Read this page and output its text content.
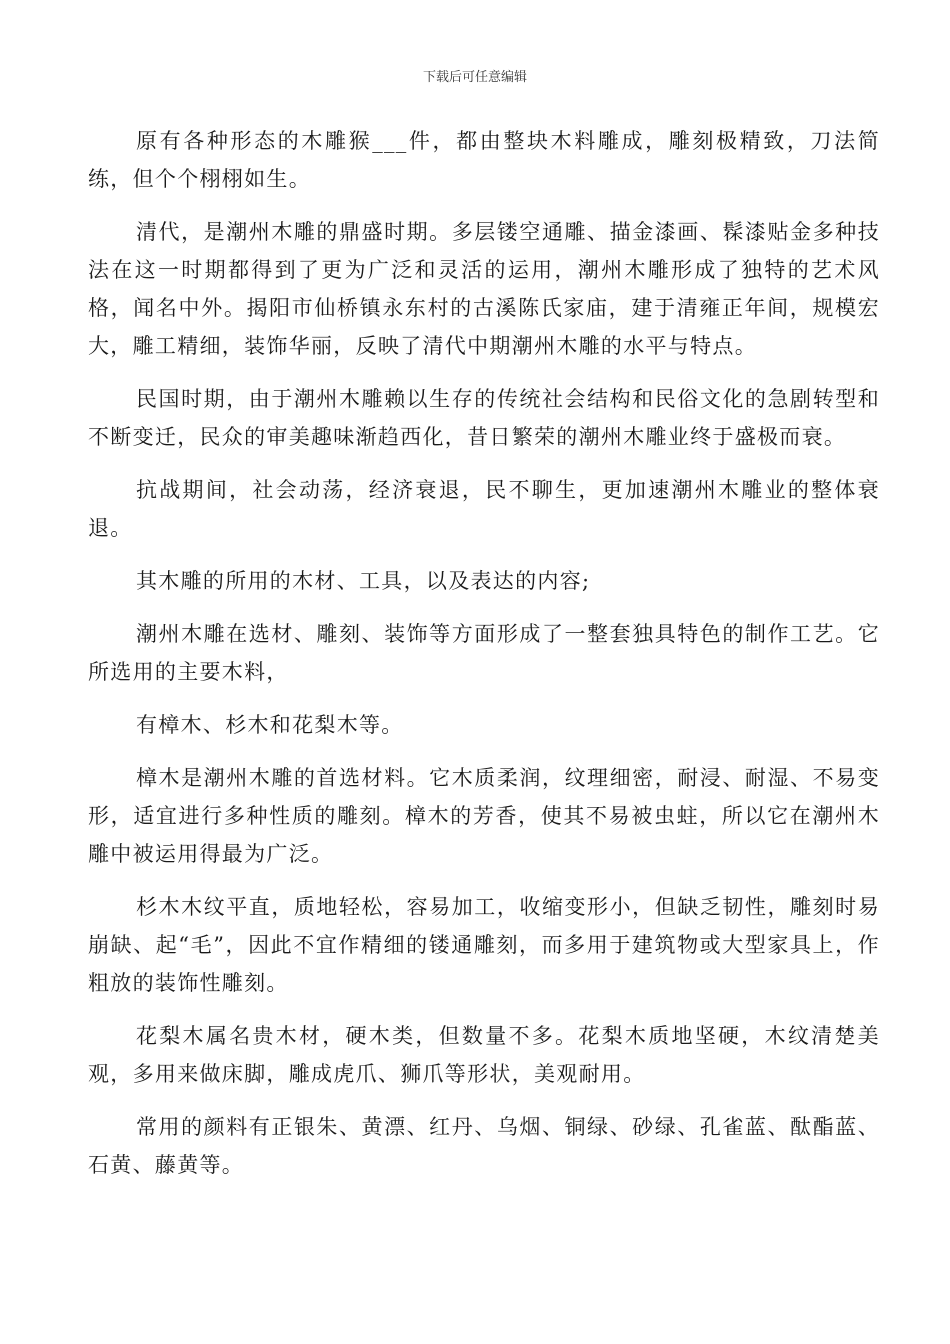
下载后可任意编辑

原有各种形态的木雕猴___件，都由整块木料雕成，雕刻极精致，刀法简练，但个个栩栩如生。

清代，是潮州木雕的鼎盛时期。多层镂空通雕、描金漆画、髹漆贴金多种技法在这一时期都得到了更为广泛和灵活的运用，潮州木雕形成了独特的艺术风格，闻名中外。揭阳市仙桥镇永东村的古溪陈氏家庙，建于清雍正年间，规模宏大，雕工精细，装饰华丽，反映了清代中期潮州木雕的水平与特点。

民国时期，由于潮州木雕赖以生存的传统社会结构和民俗文化的急剧转型和不断变迁，民众的审美趣味渐趋西化，昔日繁荣的潮州木雕业终于盛极而衰。

抗战期间，社会动荡，经济衰退，民不聊生，更加速潮州木雕业的整体衰退。

其木雕的所用的木材、工具，以及表达的内容;

潮州木雕在选材、雕刻、装饰等方面形成了一整套独具特色的制作工艺。它所选用的主要木料，

有樟木、杉木和花梨木等。

樟木是潮州木雕的首选材料。它木质柔润，纹理细密，耐浸、耐湿、不易变形，适宜进行多种性质的雕刻。樟木的芳香，使其不易被虫蛀，所以它在潮州木雕中被运用得最为广泛。

杉木木纹平直，质地轻松，容易加工，收缩变形小，但缺乏韧性，雕刻时易崩缺、起“毛”，因此不宜作精细的镂通雕刻，而多用于建筑物或大型家具上，作粗放的装饰性雕刻。

花梨木属名贵木材，硬木类，但数量不多。花梨木质地坚硬，木纹清楚美观，多用来做床脚，雕成虎爪、狮爪等形状，美观耐用。

常用的颜料有正银朱、黄漂、红丹、乌烟、铜绿、砂绿、孔雀蓝、酞酯蓝、石黄、藤黄等。
